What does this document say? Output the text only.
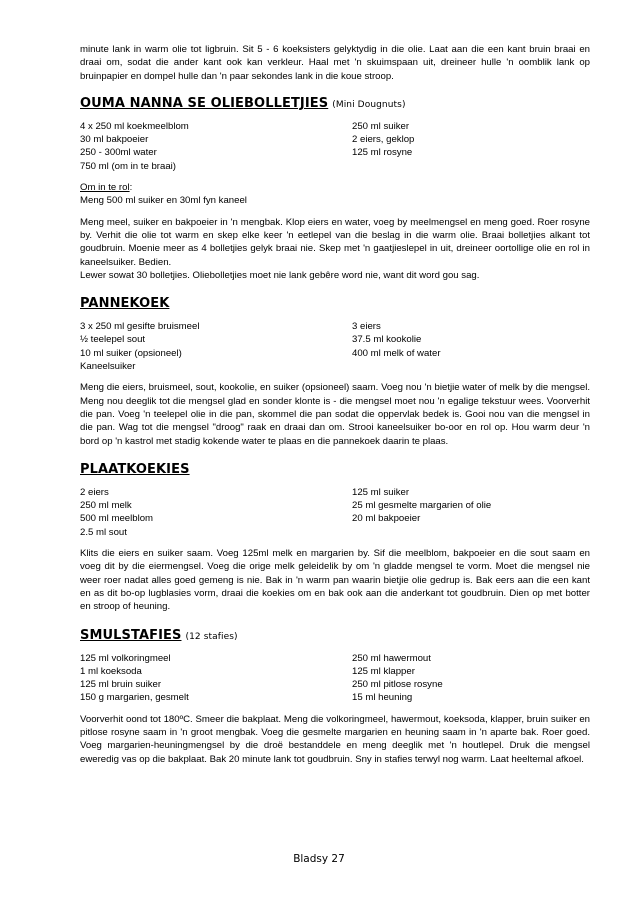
minute lank in warm olie tot ligbruin. Sit 5 - 6 koeksisters gelyktydig in die olie. Laat aan die een kant bruin braai en draai om, sodat die ander kant ook kan verkleur. Haal met 'n skuimspaan uit, dreineer hulle 'n oomblik lank op bruinpapier en dompel hulle dan 'n paar sekondes lank in die koue stroop.

OUMA NANNA SE OLIEBOLLETJIES (Mini Dougnuts)
4 x 250 ml koekmeelblom
30 ml bakpoeier
250 - 300ml water
750 ml (om in te braai)
250 ml suiker
2 eiers, geklop
125 ml rosyne

Om in te rol:
Meng 500 ml suiker en 30ml fyn kaneel

Meng meel, suiker en bakpoeier in 'n mengbak. Klop eiers en water, voeg by meelmengsel en meng goed. Roer rosyne by. Verhit die olie tot warm en skep elke keer 'n eetlepel van die beslag in die warm olie. Braai bolletjies alkant tot goudbruin. Moenie meer as 4 bolletjies gelyk braai nie. Skep met 'n gaatjieslepel in uit, dreineer oortollige olie en rol in kaneelsuiker. Bedien.

Lewer sowat 30 bolletjies. Oliebolletjies moet nie lank gebêre word nie, want dit word gou sag.

PANNEKOEK
3 x 250 ml gesifte bruismeel
½ teelepel sout
10 ml suiker (opsioneel)
Kaneelsuiker
3 eiers
37.5 ml kookolie
400 ml melk of water

Meng die eiers, bruismeel, sout, kookolie, en suiker (opsioneel) saam. Voeg nou 'n bietjie water of melk by die mengsel. Meng nou deeglik tot die mengsel glad en sonder klonte is - die mengsel moet nou 'n egalige tekstuur wees. Voorverhit die pan. Voeg 'n teelepel olie in die pan, skommel die pan sodat die oppervlak bedek is. Gooi nou van die mengsel in die pan. Wag tot die mengsel "droog" raak en draai dan om. Strooi kaneelsuiker bo-oor en rol op. Hou warm deur 'n bord op 'n kastrol met stadig kokende water te plaas en die pannekoek daarin te plaas.

PLAATKOEKIES
2 eiers
250 ml melk
500 ml meelblom
2.5 ml sout
125 ml suiker
25 ml gesmelte margarien of olie
20 ml bakpoeier

Klits die eiers en suiker saam. Voeg 125ml melk en margarien by. Sif die meelblom, bakpoeier en die sout saam en voeg dit by die eiermengsel. Voeg die orige melk geleidelik by om 'n gladde mengsel te vorm. Moet die mengsel nie weer roer nadat alles goed gemeng is nie. Bak in 'n warm pan waarin bietjie olie gedrup is. Bak eers aan die een kant en as dit bo-op lugblasies vorm, draai die koekies om en bak ook aan die anderkant tot goudbruin. Dien op met botter en stroop of heuning.

SMULSTAFIES (12 stafies)
125 ml volkoringmeel
1 ml koeksoda
125 ml bruin suiker
150 g margarien, gesmelt
250 ml hawermout
125 ml klapper
250 ml pitlose rosyne
15 ml heuning

Voorverhit oond tot 180ºC. Smeer die bakplaat. Meng die volkoringmeel, hawermout, koeksoda, klapper, bruin suiker en pitlose rosyne saam in 'n groot mengbak. Voeg die gesmelte margarien en heuning saam in 'n aparte bak. Roer goed. Voeg margarien-heuningmengsel by die droë bestanddele en meng deeglik met 'n houtlepel. Druk die mengsel eweredig vas op die bakplaat. Bak 20 minute lank tot goudbruin. Sny in stafies terwyl nog warm. Laat heeltemal afkoel.

Bladsy 27
